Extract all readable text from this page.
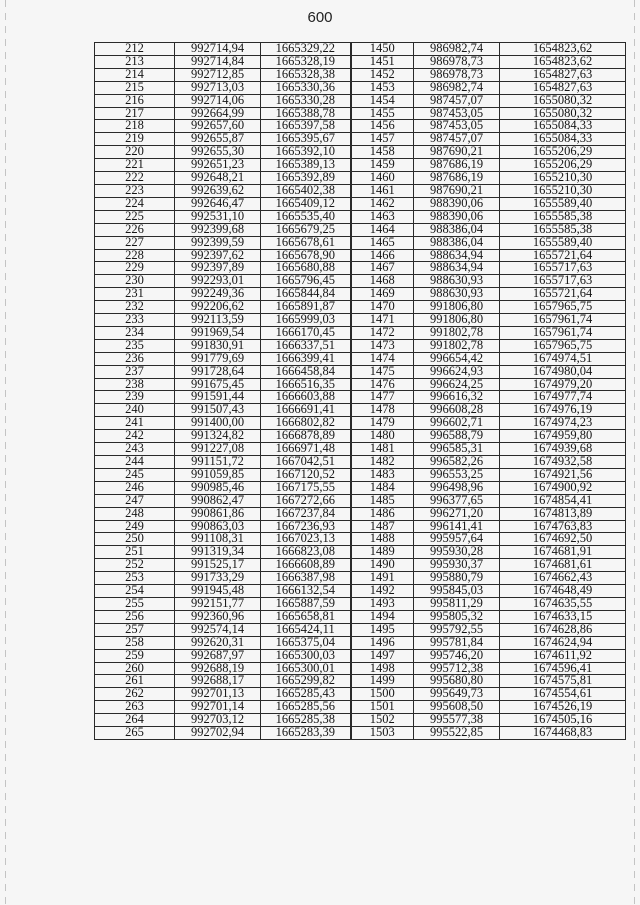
600
212	992714,94	1665329,22	1450	986982,74	1654823,62
213	992714,84	1665328,19	1451	986978,73	1654823,62
214	992712,85	1665328,38	1452	986978,73	1654827,63
215	992713,03	1665330,36	1453	986982,74	1654827,63
216	992714,06	1665330,28	1454	987457,07	1655080,32
217	992664,99	1665388,78	1455	987453,05	1655080,32
218	992657,60	1665397,58	1456	987453,05	1655084,33
219	992655,87	1665395,67	1457	987457,07	1655084,33
220	992655,30	1665392,10	1458	987690,21	1655206,29
221	992651,23	1665389,13	1459	987686,19	1655206,29
222	992648,21	1665392,89	1460	987686,19	1655210,30
223	992639,62	1665402,38	1461	987690,21	1655210,30
224	992646,47	1665409,12	1462	988390,06	1655589,40
225	992531,10	1665535,40	1463	988390,06	1655585,38
226	992399,68	1665679,25	1464	988386,04	1655585,38
227	992399,59	1665678,61	1465	988386,04	1655589,40
228	992397,62	1665678,90	1466	988634,94	1655721,64
229	992397,89	1665680,88	1467	988634,94	1655717,63
230	992293,01	1665796,45	1468	988630,93	1655717,63
231	992249,36	1665844,84	1469	988630,93	1655721,64
232	992206,62	1665891,87	1470	991806,80	1657965,75
233	992113,59	1665999,03	1471	991806,80	1657961,74
234	991969,54	1666170,45	1472	991802,78	1657961,74
235	991830,91	1666337,51	1473	991802,78	1657965,75
236	991779,69	1666399,41	1474	996654,42	1674974,51
237	991728,64	1666458,84	1475	996624,93	1674980,04
238	991675,45	1666516,35	1476	996624,25	1674979,20
239	991591,44	1666603,88	1477	996616,32	1674977,74
240	991507,43	1666691,41	1478	996608,28	1674976,19
241	991400,00	1666802,82	1479	996602,71	1674974,23
242	991324,82	1666878,89	1480	996588,79	1674959,80
243	991227,08	1666971,48	1481	996585,31	1674939,68
244	991151,72	1667042,51	1482	996582,26	1674932,58
245	991059,85	1667120,52	1483	996553,25	1674921,56
246	990985,46	1667175,55	1484	996498,96	1674900,92
247	990862,47	1667272,66	1485	996377,65	1674854,41
248	990861,86	1667237,84	1486	996271,20	1674813,89
249	990863,03	1667236,93	1487	996141,41	1674763,83
250	991108,31	1667023,13	1488	995957,64	1674692,50
251	991319,34	1666823,08	1489	995930,28	1674681,91
252	991525,17	1666608,89	1490	995930,37	1674681,61
253	991733,29	1666387,98	1491	995880,79	1674662,43
254	991945,48	1666132,54	1492	995845,03	1674648,49
255	992151,77	1665887,59	1493	995811,29	1674635,55
256	992360,96	1665658,81	1494	995805,32	1674633,15
257	992574,14	1665424,11	1495	995792,55	1674628,86
258	992620,31	1665375,04	1496	995781,84	1674624,94
259	992687,97	1665300,03	1497	995746,20	1674611,92
260	992688,19	1665300,01	1498	995712,38	1674596,41
261	992688,17	1665299,82	1499	995680,80	1674575,81
262	992701,13	1665285,43	1500	995649,73	1674554,61
263	992701,14	1665285,56	1501	995608,50	1674526,19
264	992703,12	1665285,38	1502	995577,38	1674505,16
265	992702,94	1665283,39	1503	995522,85	1674468,83
